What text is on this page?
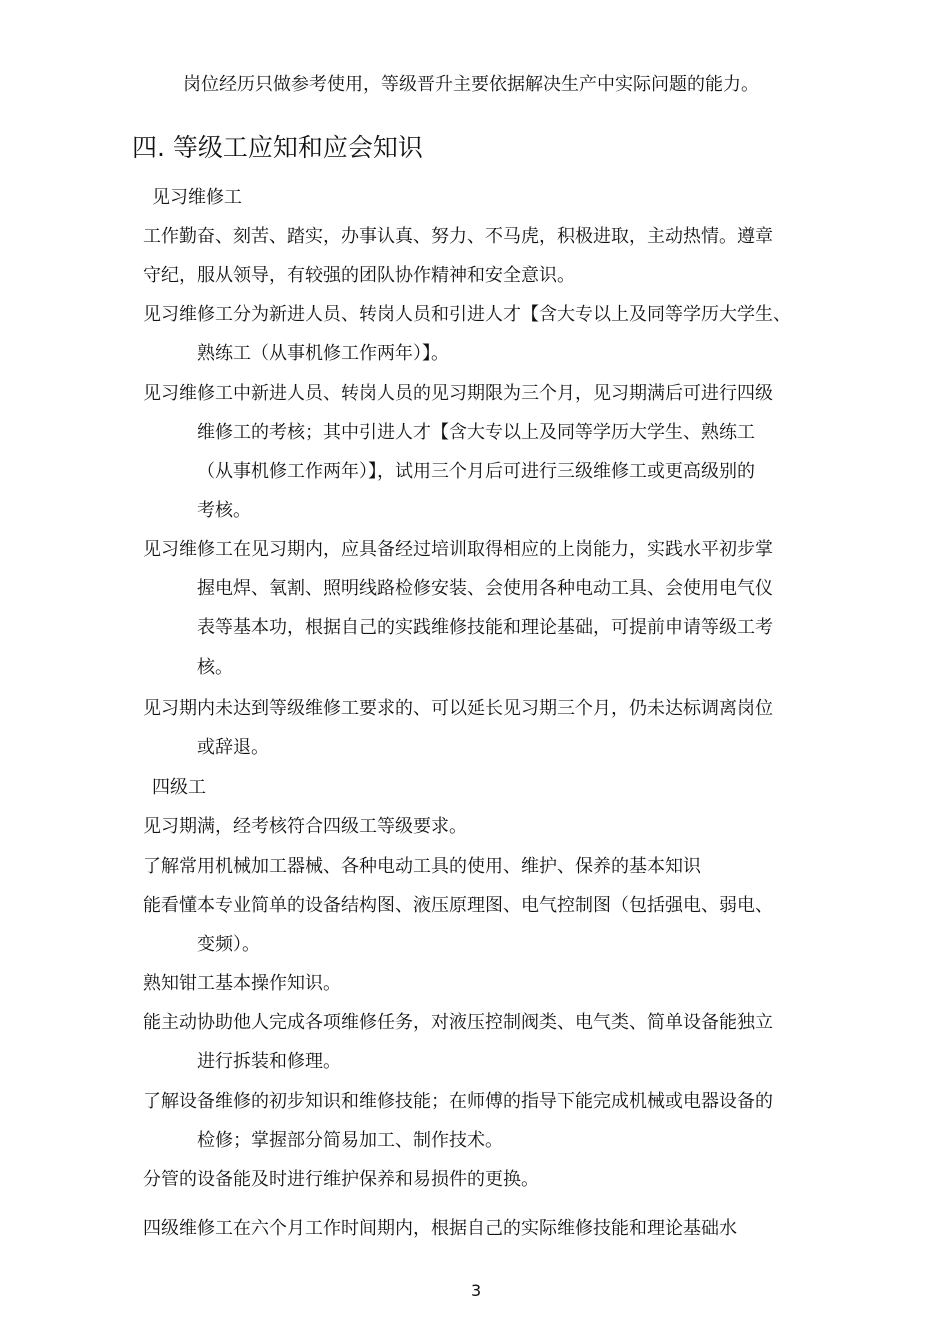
岗位经历只做参考使用，等级晋升主要依据解决生产中实际问题的能力。
四. 等级工应知和应会知识
见习维修工
工作勤奋、刻苦、踏实，办事认真、努力、不马虎，积极进取，主动热情。遵章
守纪，服从领导，有较强的团队协作精神和安全意识。
见习维修工分为新进人员、转岗人员和引进人才【含大专以上及同等学历大学生、
熟练工（从事机修工作两年）】。
见习维修工中新进人员、转岗人员的见习期限为三个月，见习期满后可进行四级
维修工的考核；其中引进人才【含大专以上及同等学历大学生、熟练工
（从事机修工作两年）】，试用三个月后可进行三级维修工或更高级别的
考核。
见习维修工在见习期内，应具备经过培训取得相应的上岗能力，实践水平初步掌
握电焊、氧割、照明线路检修安装、会使用各种电动工具、会使用电气仪
表等基本功，根据自己的实践维修技能和理论基础，可提前申请等级工考
核。
见习期内未达到等级维修工要求的、可以延长见习期三个月，仍未达标调离岗位
或辞退。
四级工
见习期满，经考核符合四级工等级要求。
了解常用机械加工器械、各种电动工具的使用、维护、保养的基本知识
能看懂本专业简单的设备结构图、液压原理图、电气控制图（包括强电、弱电、
变频）。
熟知钳工基本操作知识。
能主动协助他人完成各项维修任务，对液压控制阀类、电气类、简单设备能独立
进行拆装和修理。
了解设备维修的初步知识和维修技能；在师傅的指导下能完成机械或电器设备的
检修；掌握部分简易加工、制作技术。
分管的设备能及时进行维护保养和易损件的更换。
四级维修工在六个月工作时间期内，根据自己的实际维修技能和理论基础水
3
